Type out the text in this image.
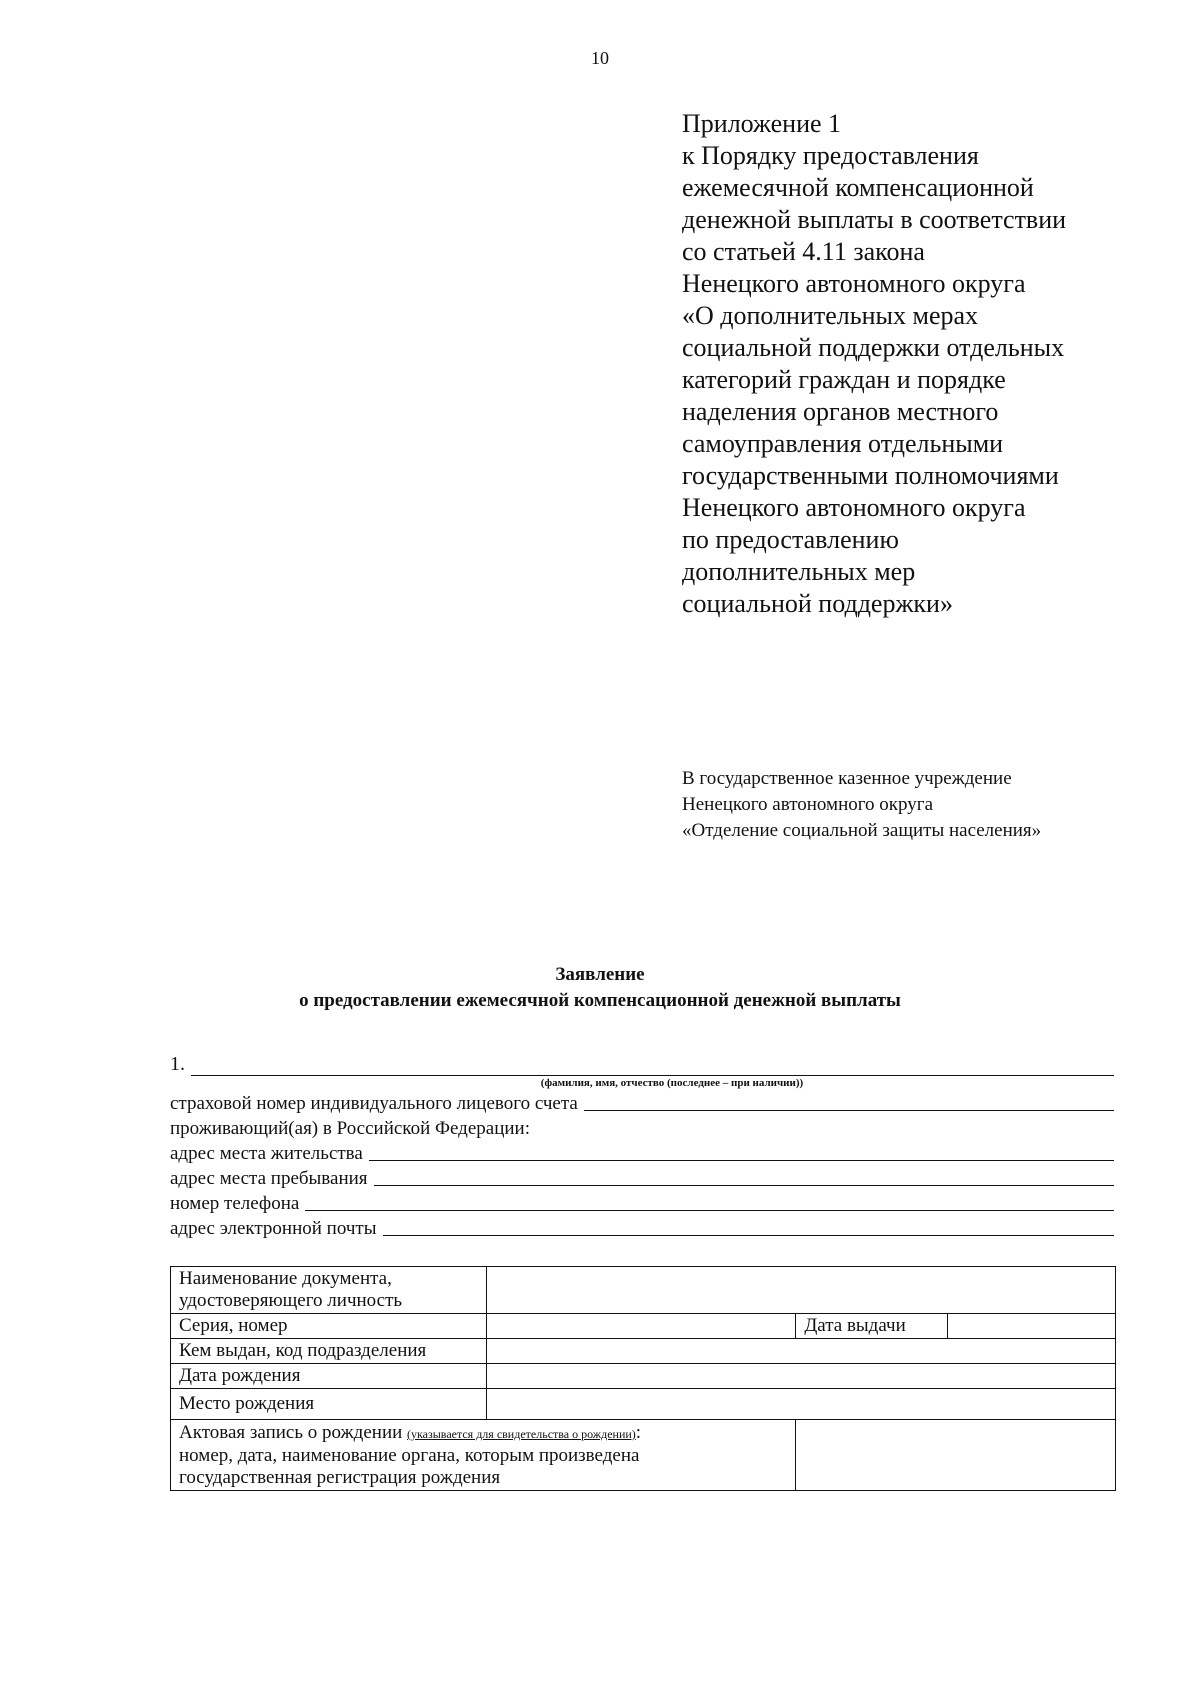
10
Приложение 1
к Порядку предоставления
ежемесячной компенсационной
денежной выплаты в соответствии
со статьей 4.11 закона
Ненецкого автономного округа
«О дополнительных мерах
социальной поддержки отдельных
категорий граждан и порядке
наделения органов местного
самоуправления отдельными
государственными полномочиями
Ненецкого автономного округа
по предоставлению
дополнительных мер
социальной поддержки»
В государственное казенное учреждение
Ненецкого автономного округа
«Отделение социальной защиты населения»
Заявление
о предоставлении ежемесячной компенсационной денежной выплаты
1.
(фамилия, имя, отчество (последнее – при наличии))
страховой номер индивидуального лицевого счета
проживающий(ая) в Российской Федерации:
адрес места жительства
адрес места пребывания
номер телефона
адрес электронной почты
Наименование документа,
удостоверяющего личность			

Серия, номер		Дата выдачи	
Кем выдан, код подразделения			
Дата рождения			
Место рождения			

Актовая запись о рождении (указывается для свидетельства о рождении):
номер, дата, наименование органа, которым произведена
государственная регистрация рождения			
